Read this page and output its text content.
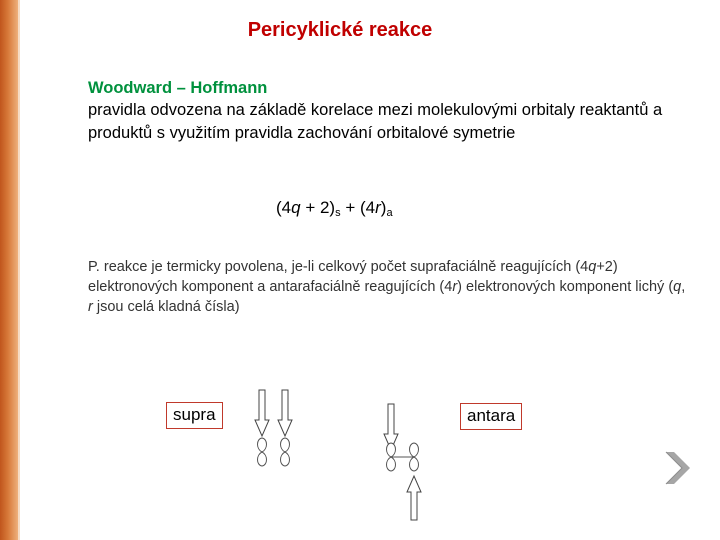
Pericyklické reakce
Woodward – Hoffmann
pravidla odvozena na základě korelace mezi molekulovými orbitaly reaktantů a produktů s využitím pravidla zachování orbitalové symetrie
$(4q + 2)_s + (4r)_a$
P. reakce je termicky povolena, je-li celkový počet suprafaciálně reagujících (4q+2) elektronových komponent a antarafaciálně reagujících (4r) elektronových komponent lichý (q, r jsou celá kladná čísla)
supra	antara
